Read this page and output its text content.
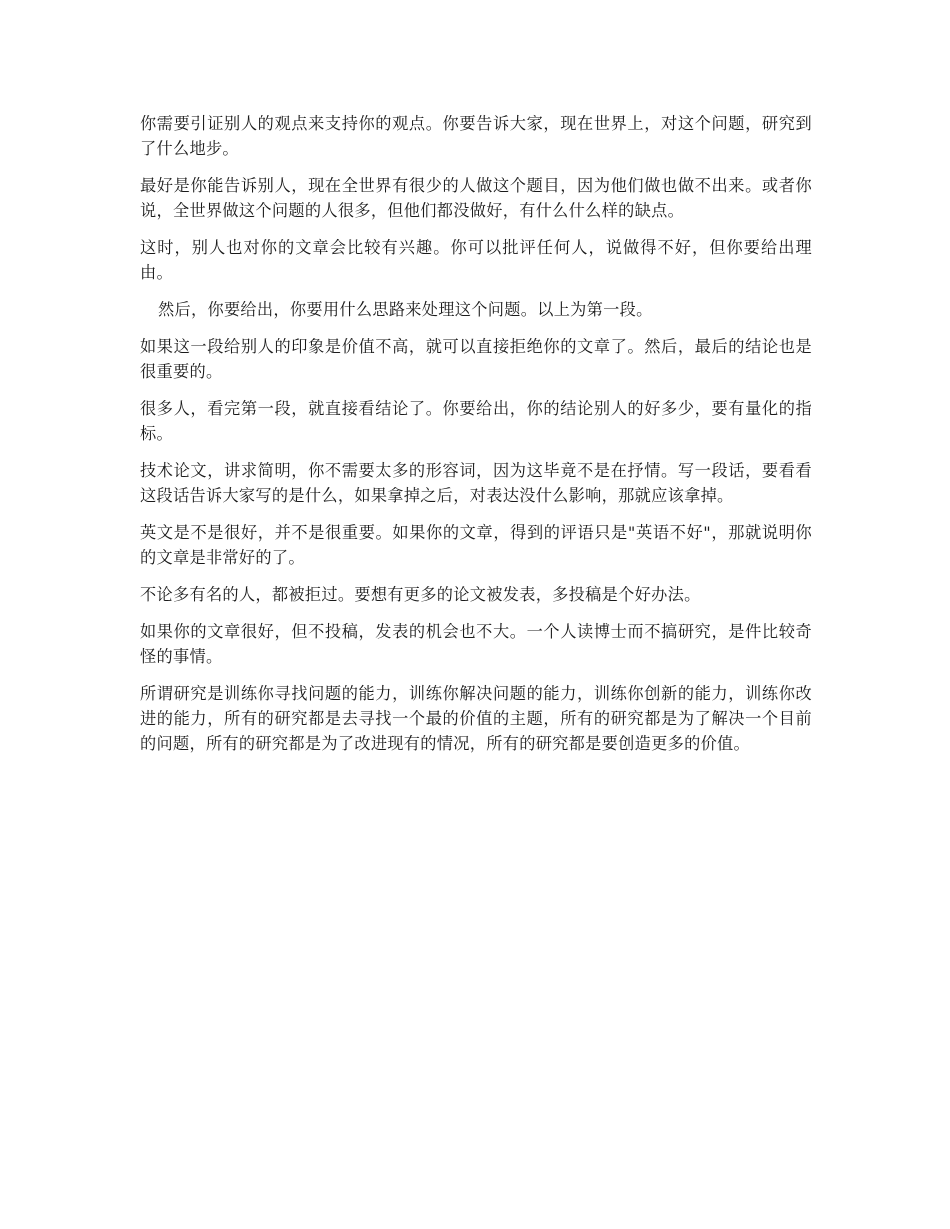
你需要引证别人的观点来支持你的观点。你要告诉大家，现在世界上，对这个问题，研究到了什么地步。

最好是你能告诉别人，现在全世界有很少的人做这个题目，因为他们做也做不出来。或者你说，全世界做这个问题的人很多，但他们都没做好，有什么什么样的缺点。

这时，别人也对你的文章会比较有兴趣。你可以批评任何人，说做得不好，但你要给出理由。

然后，你要给出，你要用什么思路来处理这个问题。以上为第一段。

如果这一段给别人的印象是价值不高，就可以直接拒绝你的文章了。然后，最后的结论也是很重要的。

很多人，看完第一段，就直接看结论了。你要给出，你的结论别人的好多少，要有量化的指标。

技术论文，讲求简明，你不需要太多的形容词，因为这毕竟不是在抒情。写一段话，要看看这段话告诉大家写的是什么，如果拿掉之后，对表达没什么影响，那就应该拿掉。

英文是不是很好，并不是很重要。如果你的文章，得到的评语只是"英语不好"，那就说明你的文章是非常好的了。

不论多有名的人，都被拒过。要想有更多的论文被发表，多投稿是个好办法。

如果你的文章很好，但不投稿，发表的机会也不大。一个人读博士而不搞研究，是件比较奇怪的事情。

所谓研究是训练你寻找问题的能力，训练你解决问题的能力，训练你创新的能力，训练你改进的能力，所有的研究都是去寻找一个最的价值的主题，所有的研究都是为了解决一个目前的问题，所有的研究都是为了改进现有的情况，所有的研究都是要创造更多的价值。
